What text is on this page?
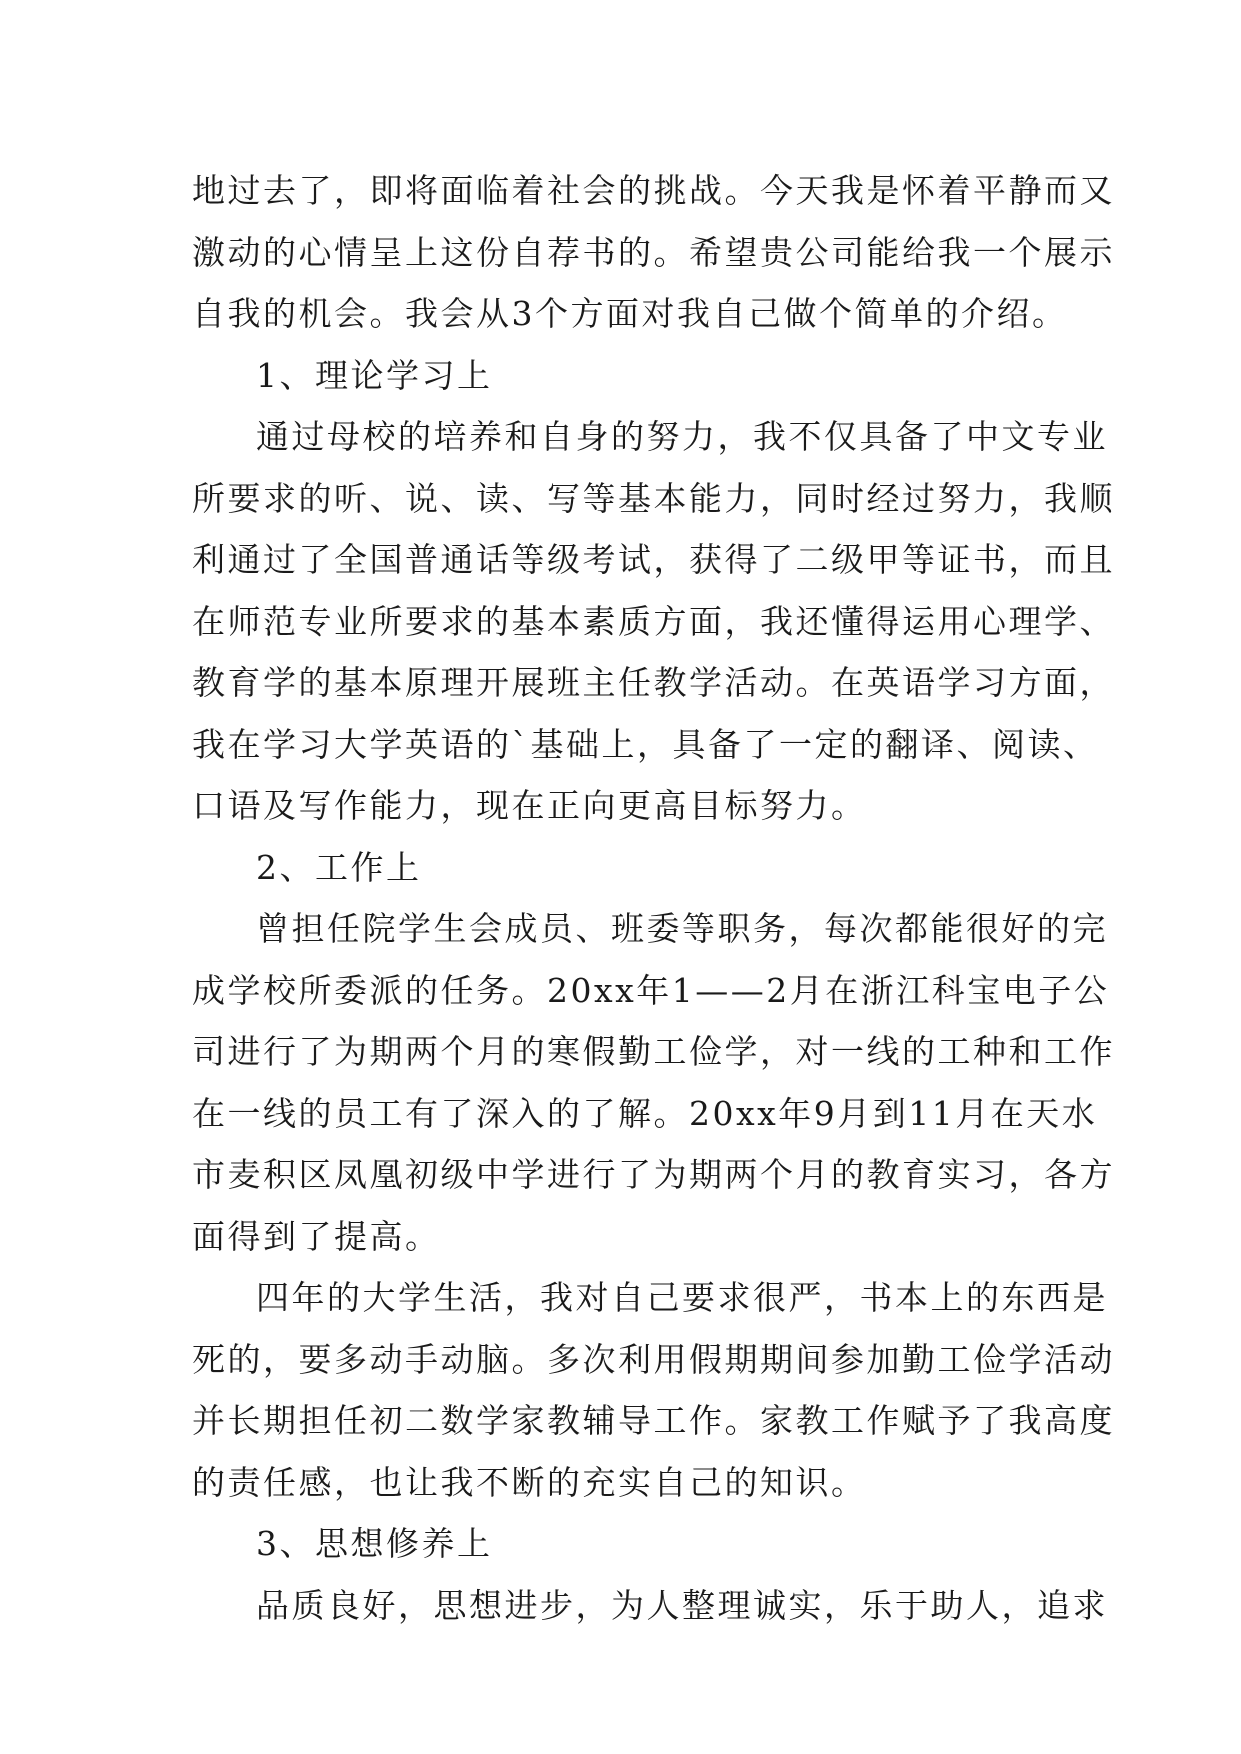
地过去了，即将面临着社会的挑战。今天我是怀着平静而又
激动的心情呈上这份自荐书的。希望贵公司能给我一个展示
自我的机会。我会从3个方面对我自己做个简单的介绍。
1、理论学习上
通过母校的培养和自身的努力，我不仅具备了中文专业
所要求的听、说、读、写等基本能力，同时经过努力，我顺
利通过了全国普通话等级考试，获得了二级甲等证书，而且
在师范专业所要求的基本素质方面，我还懂得运用心理学、
教育学的基本原理开展班主任教学活动。在英语学习方面，
我在学习大学英语的`基础上，具备了一定的翻译、阅读、
口语及写作能力，现在正向更高目标努力。
2、工作上
曾担任院学生会成员、班委等职务，每次都能很好的完
成学校所委派的任务。20xx年1——2月在浙江科宝电子公
司进行了为期两个月的寒假勤工俭学，对一线的工种和工作
在一线的员工有了深入的了解。20xx年9月到11月在天水
市麦积区凤凰初级中学进行了为期两个月的教育实习，各方
面得到了提高。
四年的大学生活，我对自己要求很严，书本上的东西是
死的，要多动手动脑。多次利用假期期间参加勤工俭学活动
并长期担任初二数学家教辅导工作。家教工作赋予了我高度
的责任感，也让我不断的充实自己的知识。
3、思想修养上
品质良好，思想进步，为人整理诚实，乐于助人，追求
